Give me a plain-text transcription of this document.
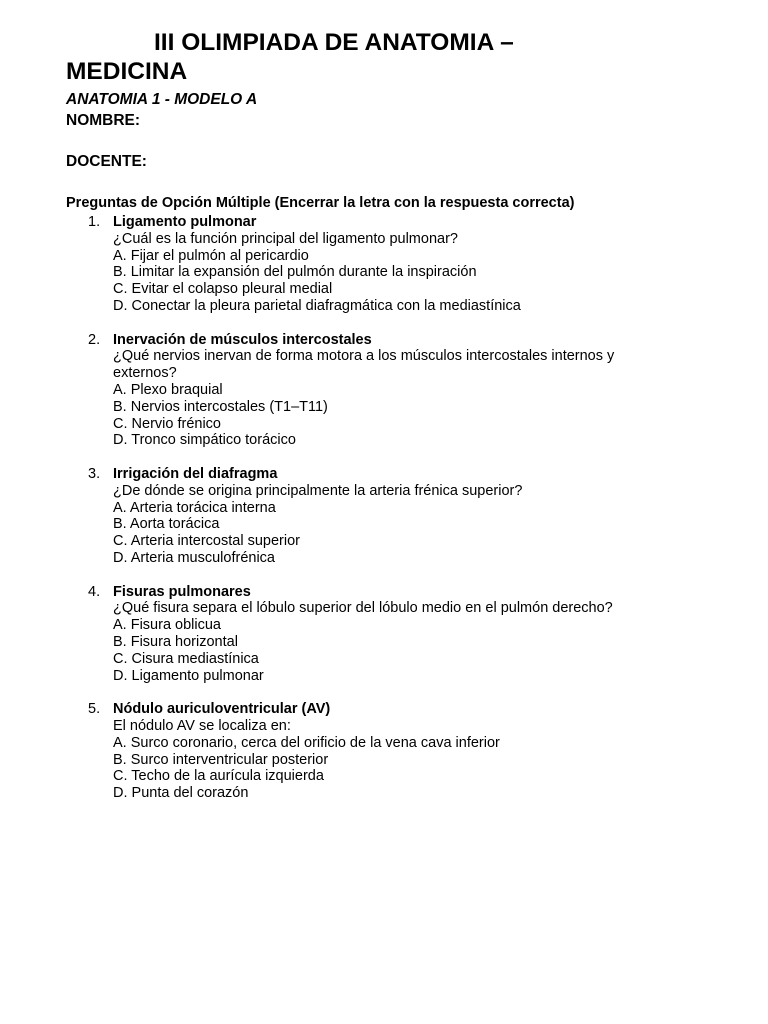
III OLIMPIADA DE ANATOMIA – MEDICINA
ANATOMIA 1 - MODELO A
NOMBRE:
DOCENTE:
Preguntas de Opción Múltiple (Encerrar la letra con la respuesta correcta)
1. Ligamento pulmonar
¿Cuál es la función principal del ligamento pulmonar?
A. Fijar el pulmón al pericardio
B. Limitar la expansión del pulmón durante la inspiración
C. Evitar el colapso pleural medial
D. Conectar la pleura parietal diafragmática con la mediastínica
2. Inervación de músculos intercostales
¿Qué nervios inervan de forma motora a los músculos intercostales internos y externos?
A. Plexo braquial
B. Nervios intercostales (T1–T11)
C. Nervio frénico
D. Tronco simpático torácico
3. Irrigación del diafragma
¿De dónde se origina principalmente la arteria frénica superior?
A. Arteria torácica interna
B. Aorta torácica
C. Arteria intercostal superior
D. Arteria musculofrénica
4. Fisuras pulmonares
¿Qué fisura separa el lóbulo superior del lóbulo medio en el pulmón derecho?
A. Fisura oblicua
B. Fisura horizontal
C. Cisura mediastínica
D. Ligamento pulmonar
5. Nódulo auriculoventricular (AV)
El nódulo AV se localiza en:
A. Surco coronario, cerca del orificio de la vena cava inferior
B. Surco interventricular posterior
C. Techo de la aurícula izquierda
D. Punta del corazón
